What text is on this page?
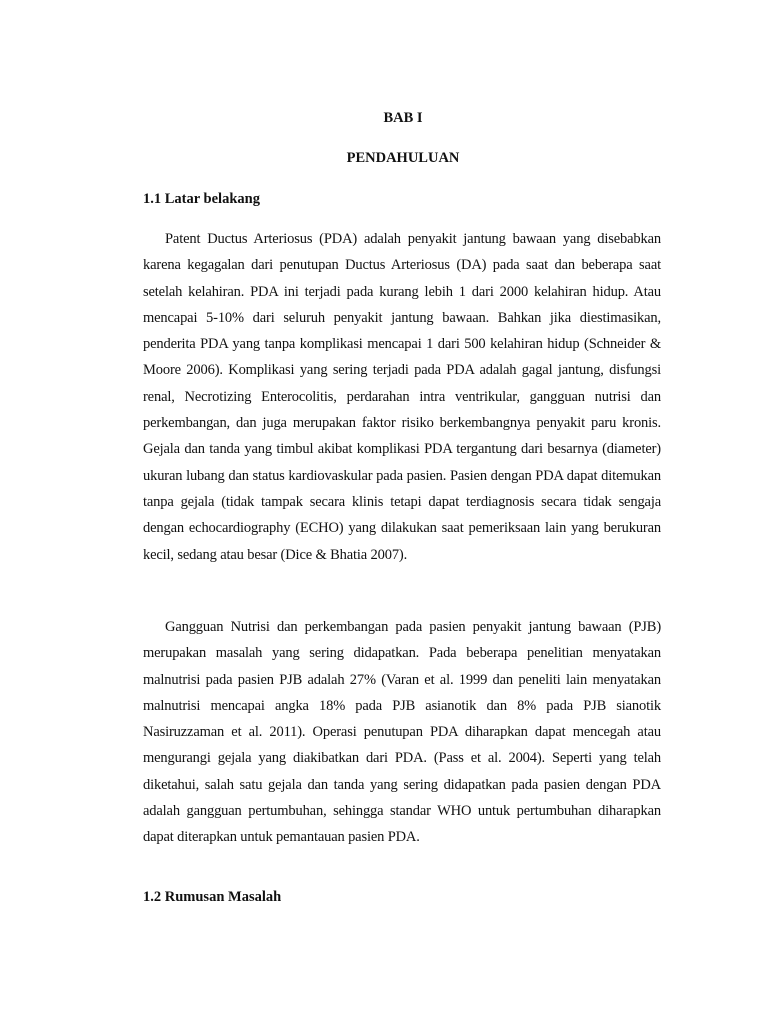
BAB I
PENDAHULUAN
1.1 Latar belakang

Patent Ductus Arteriosus (PDA) adalah penyakit jantung bawaan yang disebabkan karena kegagalan dari penutupan Ductus Arteriosus (DA) pada saat dan beberapa saat setelah kelahiran. PDA ini terjadi pada kurang lebih 1 dari 2000 kelahiran hidup. Atau mencapai 5-10% dari seluruh penyakit jantung bawaan. Bahkan jika diestimasikan, penderita PDA yang tanpa komplikasi mencapai 1 dari 500 kelahiran hidup (Schneider & Moore 2006). Komplikasi yang sering terjadi pada PDA adalah gagal jantung, disfungsi renal, Necrotizing Enterocolitis, perdarahan intra ventrikular, gangguan nutrisi dan perkembangan, dan juga merupakan faktor risiko berkembangnya penyakit paru kronis. Gejala dan tanda yang timbul akibat komplikasi PDA tergantung dari besarnya (diameter) ukuran lubang dan status kardiovaskular pada pasien. Pasien dengan PDA dapat ditemukan tanpa gejala (tidak tampak secara klinis tetapi dapat terdiagnosis secara tidak sengaja dengan echocardiography (ECHO) yang dilakukan saat pemeriksaan lain yang berukuran kecil, sedang atau besar (Dice & Bhatia 2007).

Gangguan Nutrisi dan perkembangan pada pasien penyakit jantung bawaan (PJB) merupakan masalah yang sering didapatkan. Pada beberapa penelitian menyatakan malnutrisi pada pasien PJB adalah 27% (Varan et al. 1999 dan peneliti lain menyatakan malnutrisi mencapai angka 18% pada PJB asianotik dan 8% pada PJB sianotik Nasiruzzaman et al. 2011). Operasi penutupan PDA diharapkan dapat mencegah atau mengurangi gejala yang diakibatkan dari PDA. (Pass et al. 2004). Seperti yang telah diketahui, salah satu gejala dan tanda yang sering didapatkan pada pasien dengan PDA adalah gangguan pertumbuhan, sehingga standar WHO untuk pertumbuhan diharapkan dapat diterapkan untuk pemantauan pasien PDA.

1.2 Rumusan Masalah
